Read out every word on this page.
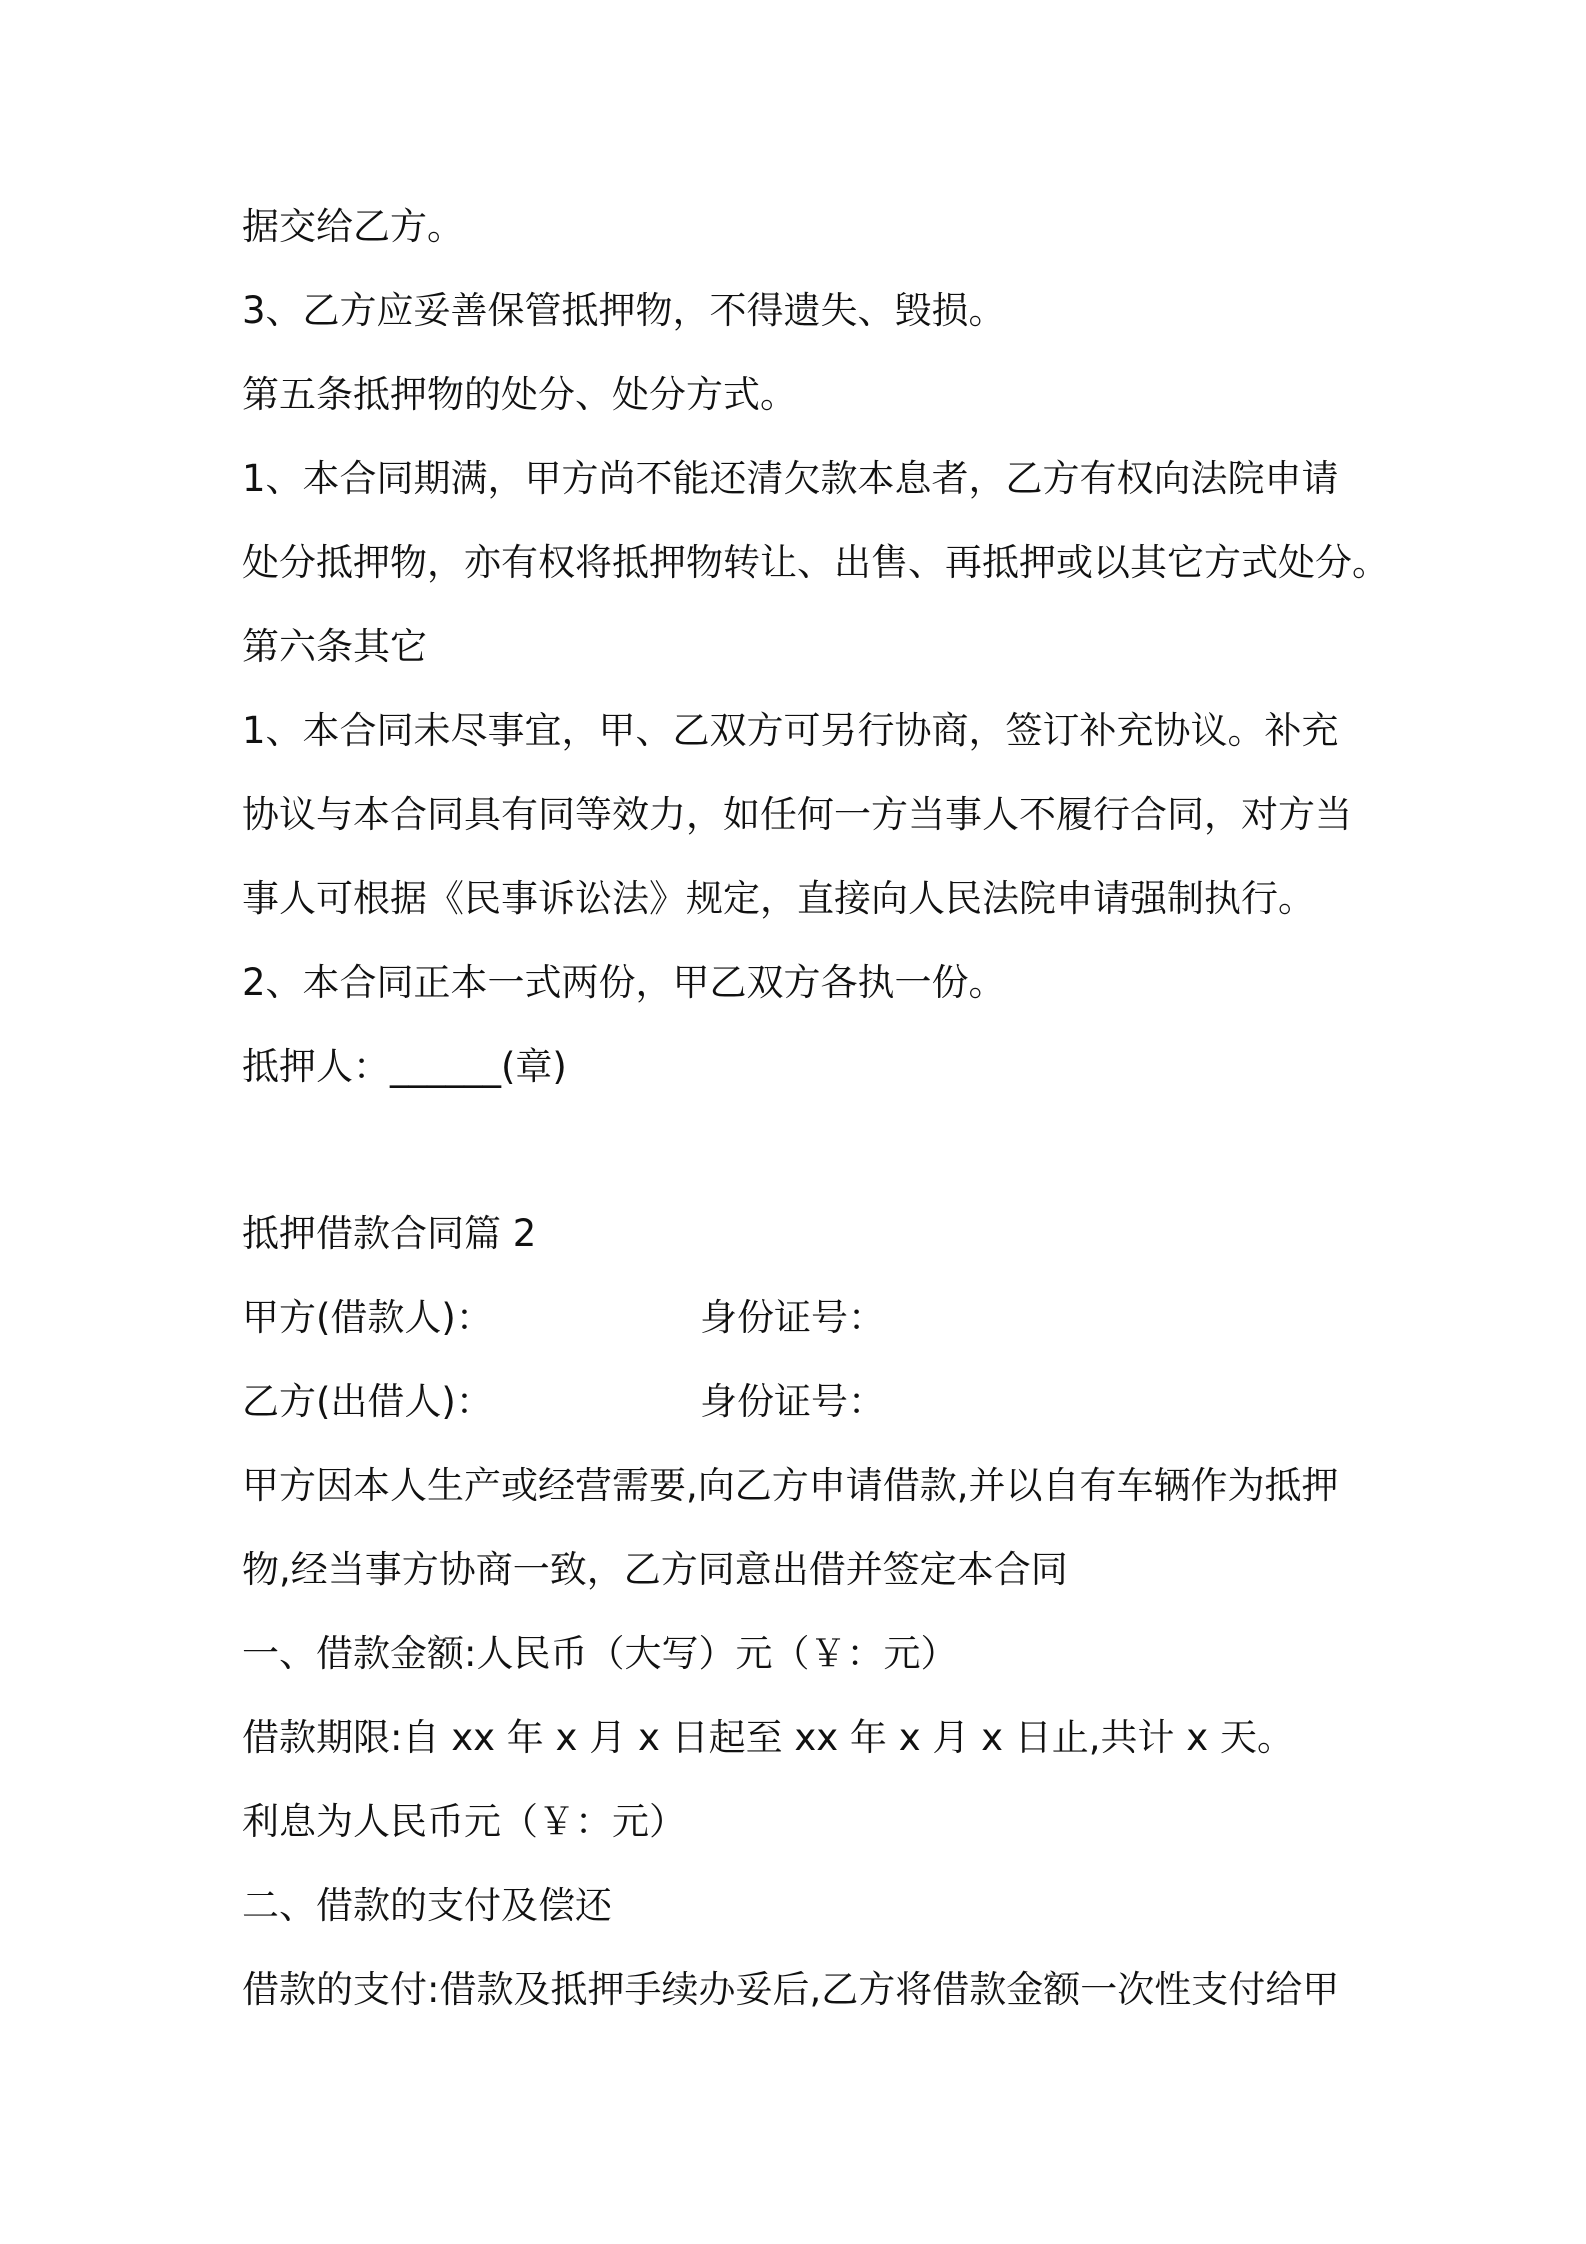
据交给乙方。
3、乙方应妥善保管抵押物，不得遗失、毁损。
第五条抵押物的处分、处分方式。
1、本合同期满，甲方尚不能还清欠款本息者，乙方有权向法院申请
处分抵押物，亦有权将抵押物转让、出售、再抵押或以其它方式处分。
第六条其它
1、本合同未尽事宜，甲、乙双方可另行协商，签订补充协议。补充
协议与本合同具有同等效力，如任何一方当事人不履行合同，对方当
事人可根据《民事诉讼法》规定，直接向人民法院申请强制执行。
2、本合同正本一式两份，甲乙双方各执一份。
抵押人：______(章)
抵押借款合同篇 2
甲方(借款人)：	身份证号：
乙方(出借人)：	身份证号：
甲方因本人生产或经营需要,向乙方申请借款,并以自有车辆作为抵押
物,经当事方协商一致，乙方同意出借并签定本合同
一、借款金额:人民币（大写）元（￥：元）
借款期限:自 xx 年 x 月 x 日起至 xx 年 x 月 x 日止,共计 x 天。
利息为人民币元（￥：元）
二、借款的支付及偿还
借款的支付:借款及抵押手续办妥后,乙方将借款金额一次性支付给甲
